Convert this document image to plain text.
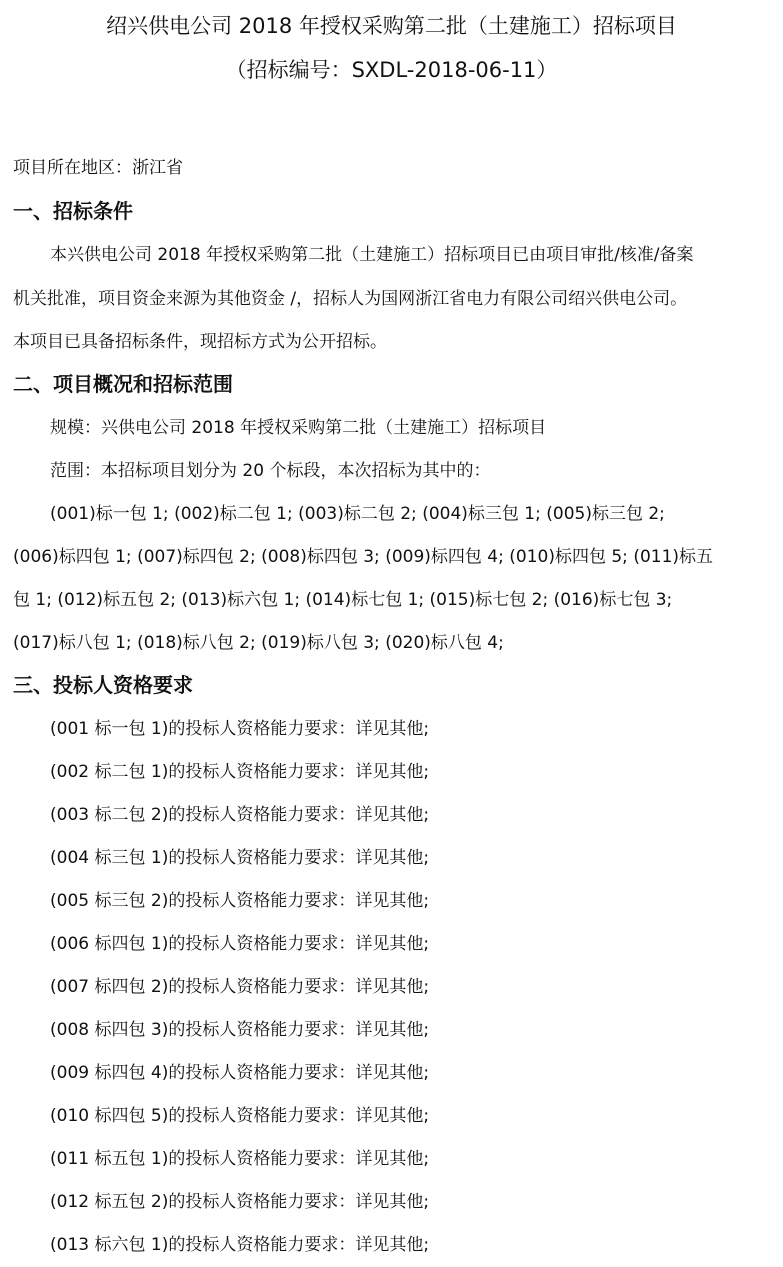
绍兴供电公司 2018 年授权采购第二批（土建施工）招标项目
（招标编号：SXDL-2018-06-11）
项目所在地区：浙江省
一、招标条件
本兴供电公司 2018 年授权采购第二批（土建施工）招标项目已由项目审批/核准/备案
机关批准，项目资金来源为其他资金 /，招标人为国网浙江省电力有限公司绍兴供电公司。
本项目已具备招标条件，现招标方式为公开招标。
二、项目概况和招标范围
规模：兴供电公司 2018 年授权采购第二批（土建施工）招标项目
范围：本招标项目划分为 20 个标段，本次招标为其中的：
(001)标一包 1; (002)标二包 1; (003)标二包 2; (004)标三包 1; (005)标三包 2;
(006)标四包 1; (007)标四包 2; (008)标四包 3; (009)标四包 4; (010)标四包 5; (011)标五
包 1; (012)标五包 2; (013)标六包 1; (014)标七包 1; (015)标七包 2; (016)标七包 3;
(017)标八包 1; (018)标八包 2; (019)标八包 3; (020)标八包 4;
三、投标人资格要求
(001 标一包 1)的投标人资格能力要求：详见其他;
(002 标二包 1)的投标人资格能力要求：详见其他;
(003 标二包 2)的投标人资格能力要求：详见其他;
(004 标三包 1)的投标人资格能力要求：详见其他;
(005 标三包 2)的投标人资格能力要求：详见其他;
(006 标四包 1)的投标人资格能力要求：详见其他;
(007 标四包 2)的投标人资格能力要求：详见其他;
(008 标四包 3)的投标人资格能力要求：详见其他;
(009 标四包 4)的投标人资格能力要求：详见其他;
(010 标四包 5)的投标人资格能力要求：详见其他;
(011 标五包 1)的投标人资格能力要求：详见其他;
(012 标五包 2)的投标人资格能力要求：详见其他;
(013 标六包 1)的投标人资格能力要求：详见其他;
